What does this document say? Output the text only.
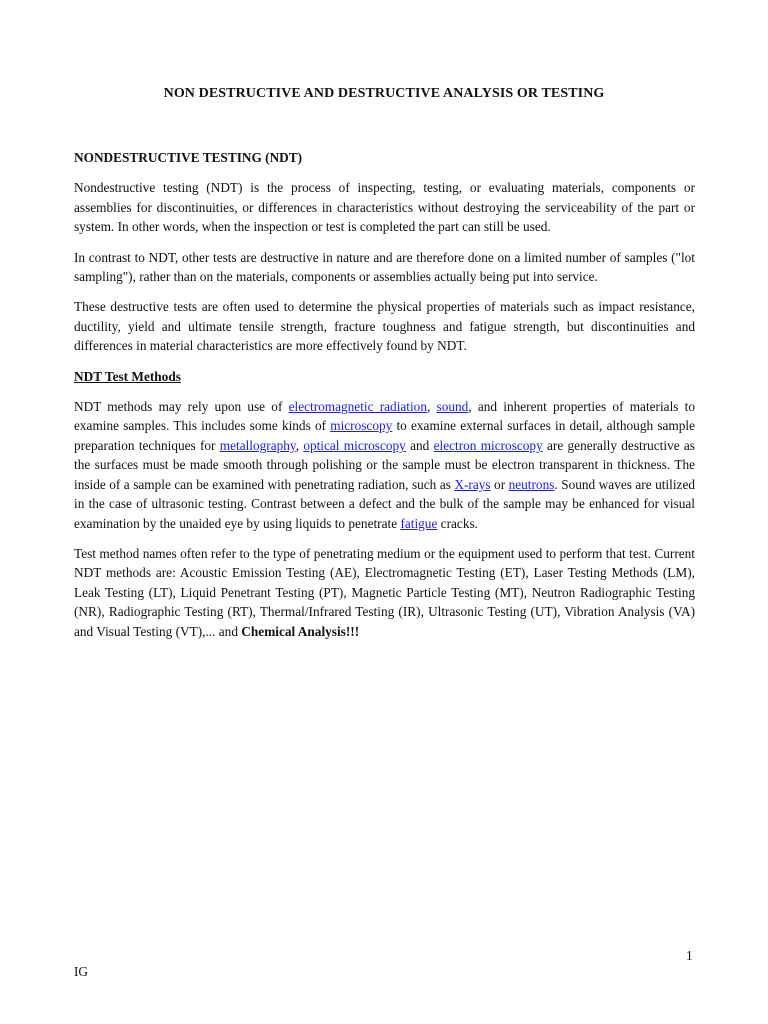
NON DESTRUCTIVE AND DESTRUCTIVE ANALYSIS OR TESTING
NONDESTRUCTIVE TESTING (NDT)

Nondestructive testing (NDT) is the process of inspecting, testing, or evaluating materials, components or assemblies for discontinuities, or differences in characteristics without destroying the serviceability of the part or system. In other words, when the inspection or test is completed the part can still be used.

In contrast to NDT, other tests are destructive in nature and are therefore done on a limited number of samples ("lot sampling"), rather than on the materials, components or assemblies actually being put into service.

These destructive tests are often used to determine the physical properties of materials such as impact resistance, ductility, yield and ultimate tensile strength, fracture toughness and fatigue strength, but discontinuities and differences in material characteristics are more effectively found by NDT.

NDT Test Methods

NDT methods may rely upon use of electromagnetic radiation, sound, and inherent properties of materials to examine samples. This includes some kinds of microscopy to examine external surfaces in detail, although sample preparation techniques for metallography, optical microscopy and electron microscopy are generally destructive as the surfaces must be made smooth through polishing or the sample must be electron transparent in thickness. The inside of a sample can be examined with penetrating radiation, such as X-rays or neutrons. Sound waves are utilized in the case of ultrasonic testing. Contrast between a defect and the bulk of the sample may be enhanced for visual examination by the unaided eye by using liquids to penetrate fatigue cracks.

Test method names often refer to the type of penetrating medium or the equipment used to perform that test. Current NDT methods are: Acoustic Emission Testing (AE), Electromagnetic Testing (ET), Laser Testing Methods (LM), Leak Testing (LT), Liquid Penetrant Testing (PT), Magnetic Particle Testing (MT), Neutron Radiographic Testing (NR), Radiographic Testing (RT), Thermal/Infrared Testing (IR), Ultrasonic Testing (UT), Vibration Analysis (VA) and Visual Testing (VT),... and Chemical Analysis!!!

1
IG
